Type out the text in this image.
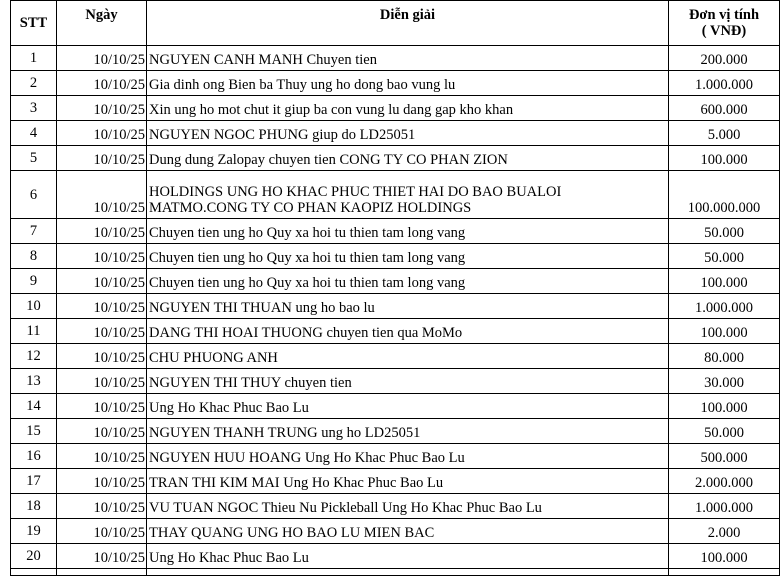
STT	Ngày	Diễn giải	Đơn vị tính
( VNĐ)

1	10/10/25	NGUYEN CANH MANH Chuyen tien	200.000
2	10/10/25	Gia dinh ong Bien ba Thuy ung ho dong bao vung lu	1.000.000
3	10/10/25	Xin ung ho mot chut it giup ba con vung lu dang gap kho khan	600.000
4	10/10/25	NGUYEN NGOC PHUNG giup do LD25051	5.000
5	10/10/25	Dung dung Zalopay chuyen tien CONG TY CO PHAN ZION	100.000
6	10/10/25	HOLDINGS UNG HO KHAC PHUC THIET HAI DO BAO BUALOI
MATMO.CONG TY CO PHAN KAOPIZ HOLDINGS	100.000.000
7	10/10/25	Chuyen tien ung ho Quy xa hoi tu thien tam long vang	50.000
8	10/10/25	Chuyen tien ung ho Quy xa hoi tu thien tam long vang	50.000
9	10/10/25	Chuyen tien ung ho Quy xa hoi tu thien tam long vang	100.000
10	10/10/25	NGUYEN THI THUAN ung ho bao lu	1.000.000
11	10/10/25	DANG THI HOAI THUONG chuyen tien qua MoMo	100.000
12	10/10/25	CHU PHUONG ANH	80.000
13	10/10/25	NGUYEN THI THUY chuyen tien	30.000
14	10/10/25	Ung Ho Khac Phuc Bao Lu	100.000
15	10/10/25	NGUYEN THANH TRUNG ung ho LD25051	50.000
16	10/10/25	NGUYEN HUU HOANG Ung Ho Khac Phuc Bao Lu	500.000
17	10/10/25	TRAN THI KIM MAI Ung Ho Khac Phuc Bao Lu	2.000.000
18	10/10/25	VU TUAN NGOC Thieu Nu Pickleball Ung Ho Khac Phuc Bao Lu	1.000.000
19	10/10/25	THAY QUANG UNG HO BAO LU MIEN BAC	2.000
20	10/10/25	Ung Ho Khac Phuc Bao Lu	100.000
